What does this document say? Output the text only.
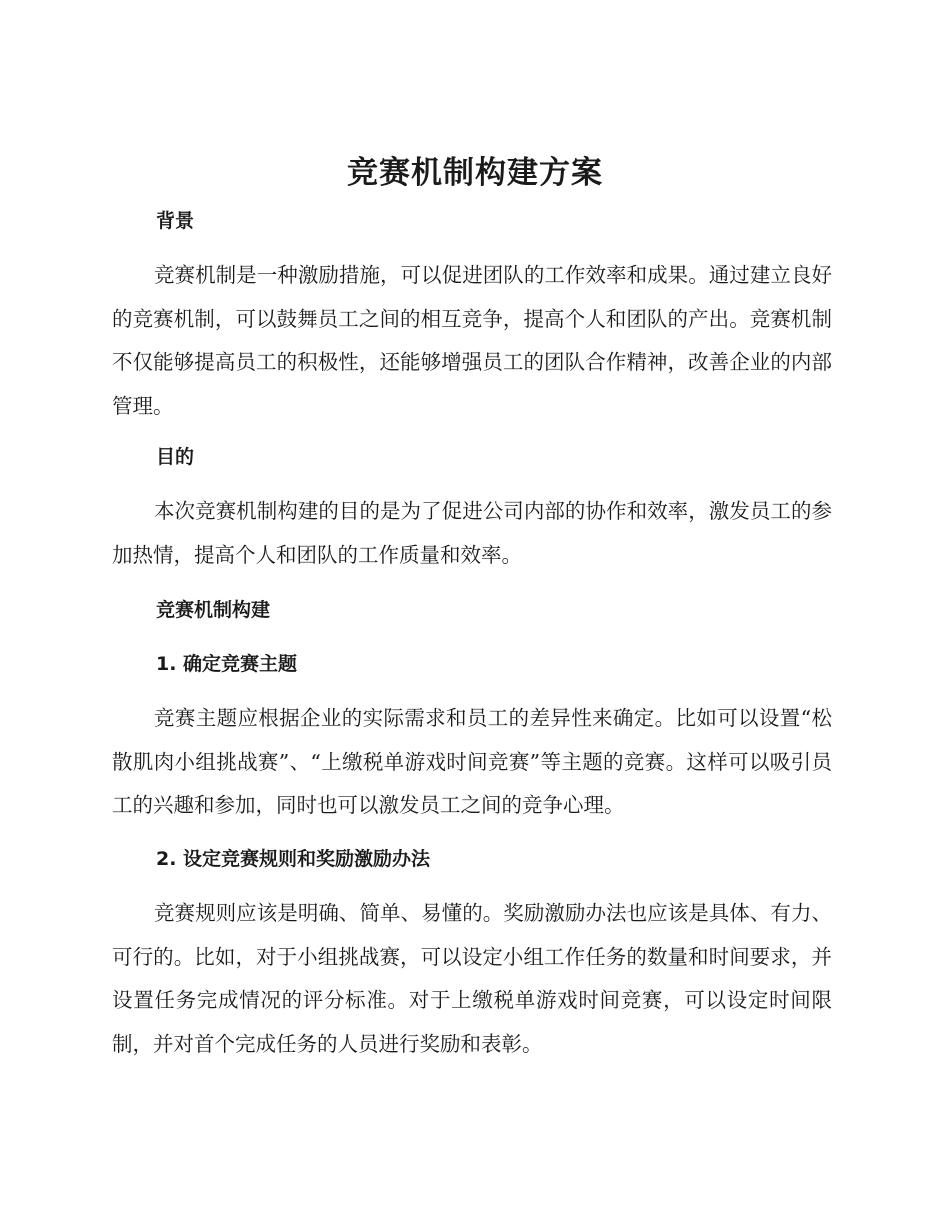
竞赛机制构建方案
背景

竞赛机制是一种激励措施，可以促进团队的工作效率和成果。通过建立良好的竞赛机制，可以鼓舞员工之间的相互竞争，提高个人和团队的产出。竞赛机制不仅能够提高员工的积极性，还能够增强员工的团队合作精神，改善企业的内部管理。

目的

本次竞赛机制构建的目的是为了促进公司内部的协作和效率，激发员工的参加热情，提高个人和团队的工作质量和效率。

竞赛机制构建
1. 确定竞赛主题

竞赛主题应根据企业的实际需求和员工的差异性来确定。比如可以设置“松散肌肉小组挑战赛”、“上缴税单游戏时间竞赛”等主题的竞赛。这样可以吸引员工的兴趣和参加，同时也可以激发员工之间的竞争心理。

2. 设定竞赛规则和奖励激励办法

竞赛规则应该是明确、简单、易懂的。奖励激励办法也应该是具体、有力、可行的。比如，对于小组挑战赛，可以设定小组工作任务的数量和时间要求，并设置任务完成情况的评分标准。对于上缴税单游戏时间竞赛，可以设定时间限制，并对首个完成任务的人员进行奖励和表彰。
